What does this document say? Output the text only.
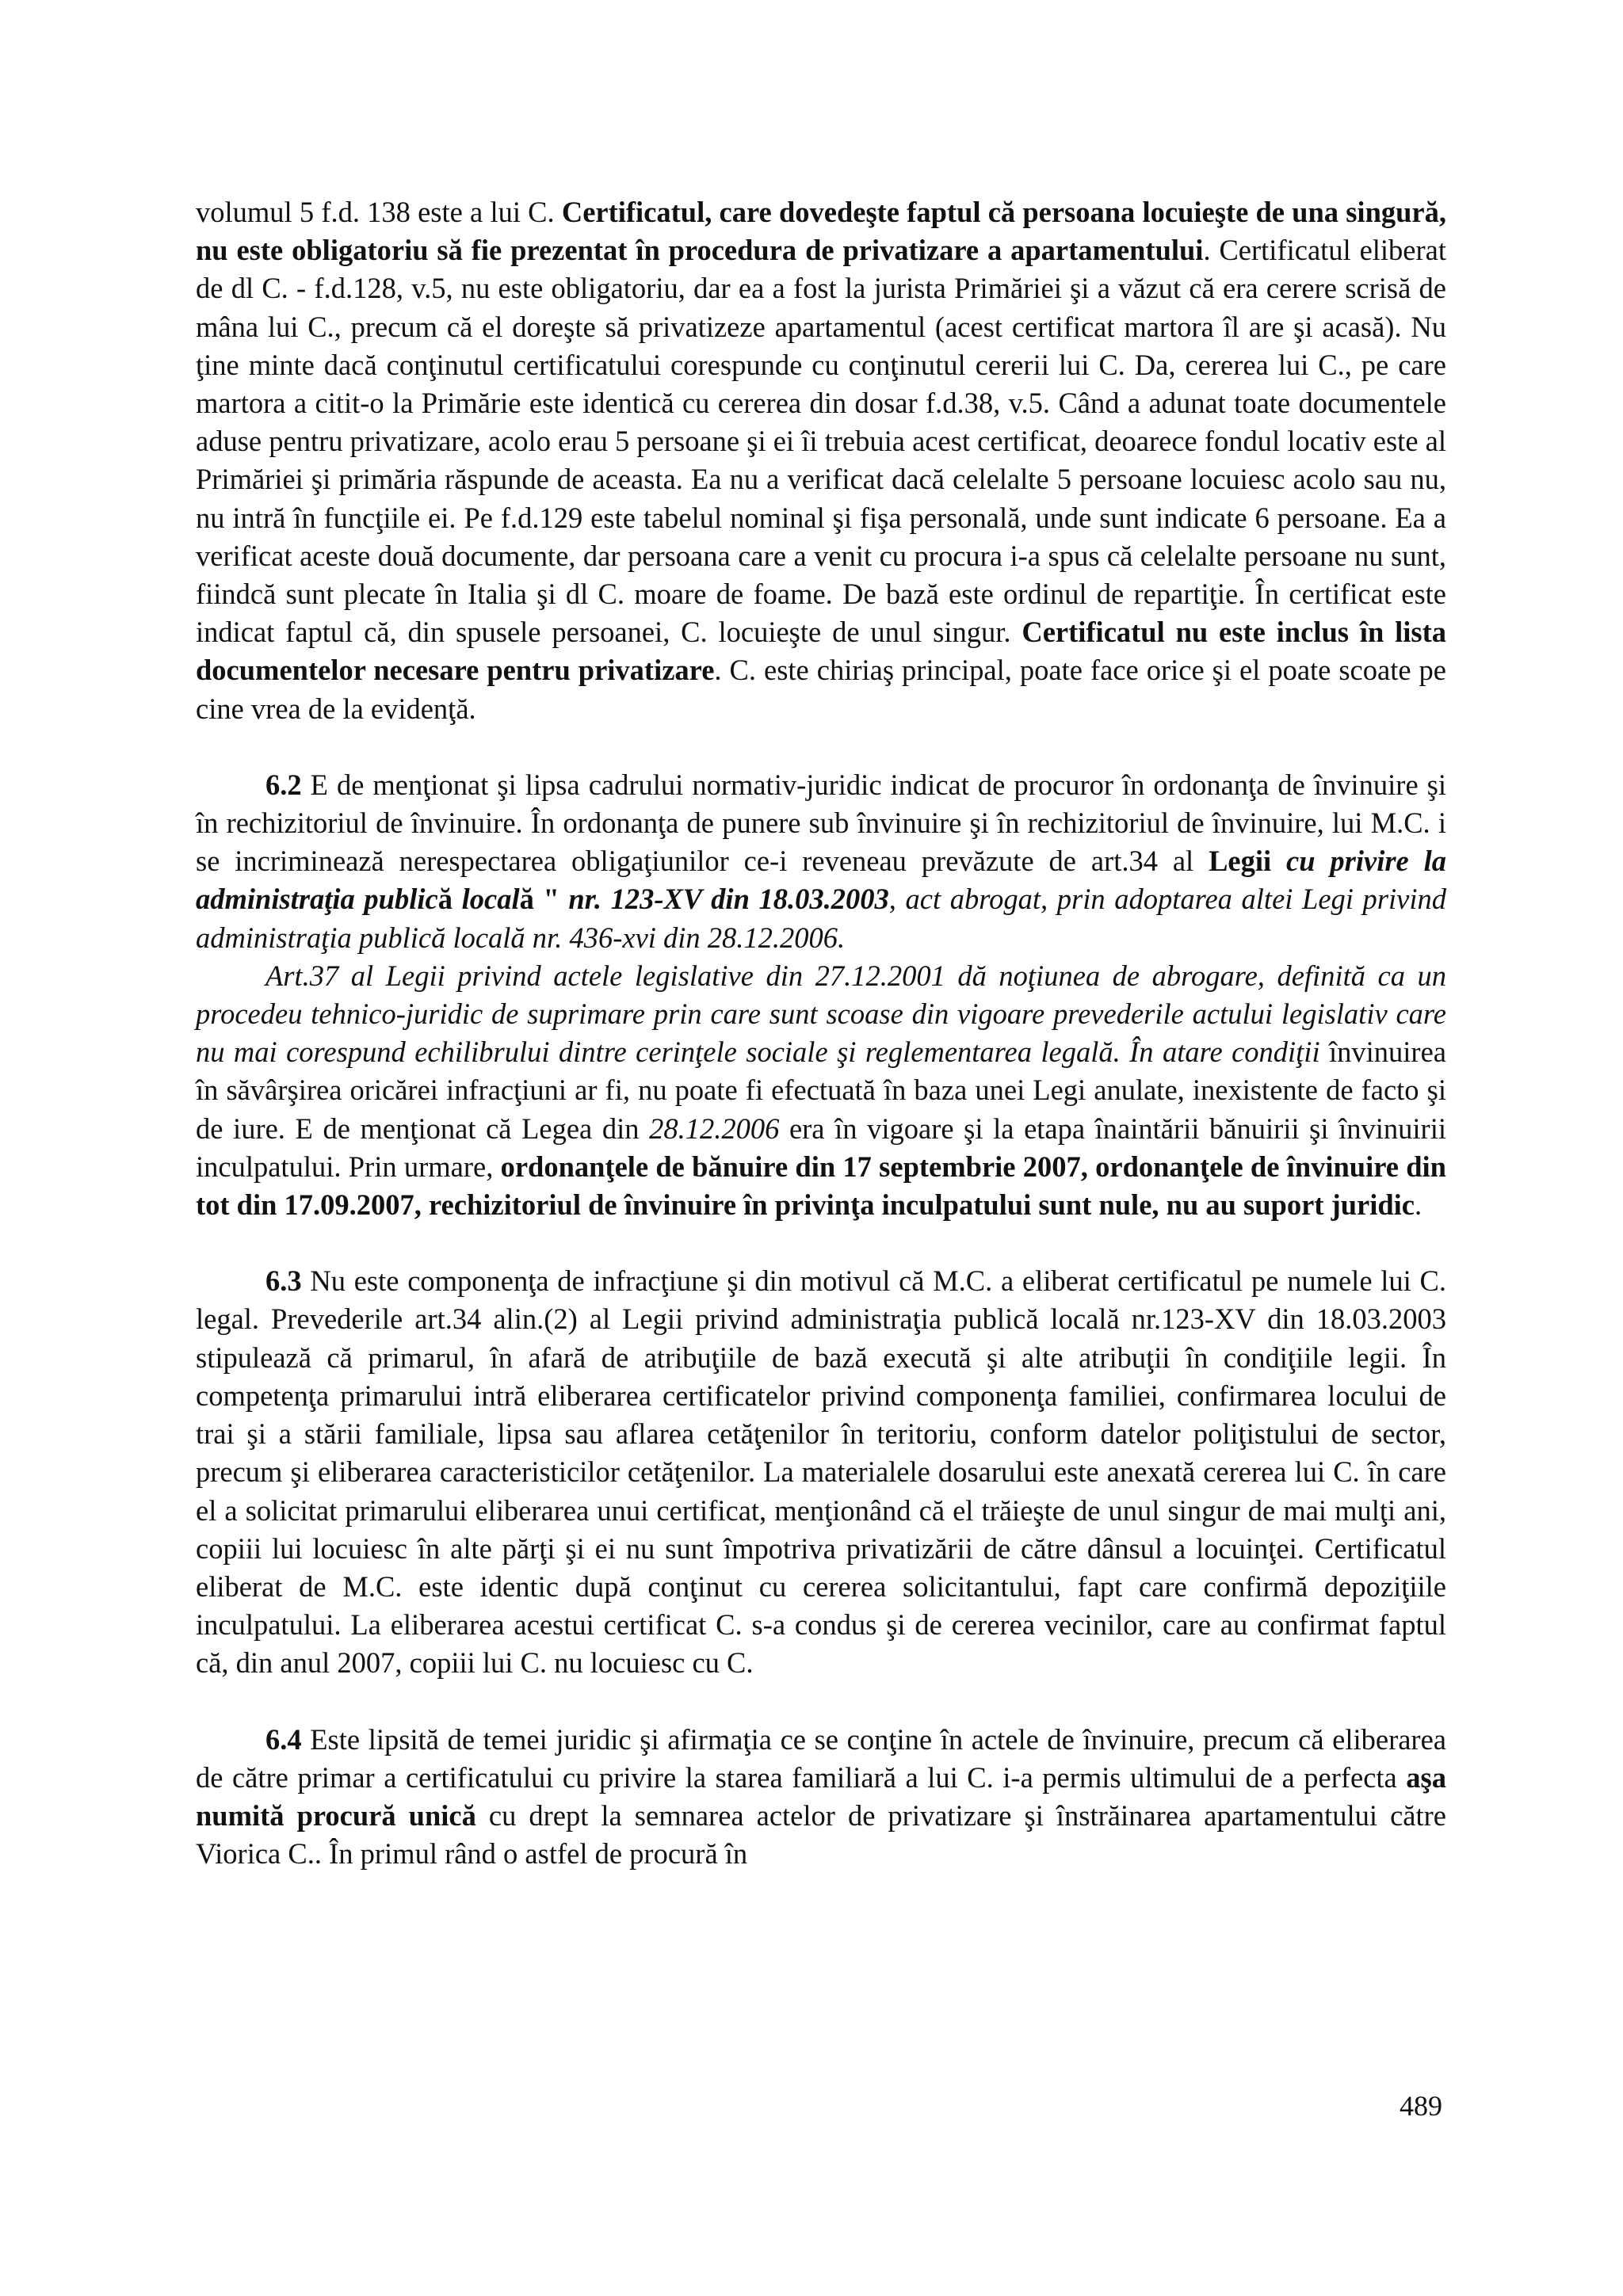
volumul 5 f.d. 138 este a lui C. Certificatul, care dovedeşte faptul că persoana locuieşte de una singură, nu este obligatoriu să fie prezentat în procedura de privatizare a apartamentului. Certificatul eliberat de dl C. - f.d.128, v.5, nu este obligatoriu, dar ea a fost la jurista Primăriei şi a văzut că era cerere scrisă de mâna lui C., precum că el doreşte să privatizeze apartamentul (acest certificat martora îl are şi acasă). Nu ţine minte dacă conţinutul certificatului corespunde cu conţinutul cererii lui C. Da, cererea lui C., pe care martora a citit-o la Primărie este identică cu cererea din dosar f.d.38, v.5. Când a adunat toate documentele aduse pentru privatizare, acolo erau 5 persoane şi ei îi trebuia acest certificat, deoarece fondul locativ este al Primăriei şi primăria răspunde de aceasta. Ea nu a verificat dacă celelalte 5 persoane locuiesc acolo sau nu, nu intră în funcţiile ei. Pe f.d.129 este tabelul nominal şi fişa personală, unde sunt indicate 6 persoane. Ea a verificat aceste două documente, dar persoana care a venit cu procura i-a spus că celelalte persoane nu sunt, fiindcă sunt plecate în Italia şi dl C. moare de foame. De bază este ordinul de repartiţie. În certificat este indicat faptul că, din spusele persoanei, C. locuieşte de unul singur. Certificatul nu este inclus în lista documentelor necesare pentru privatizare. C. este chiriaş principal, poate face orice şi el poate scoate pe cine vrea de la evidenţă.

6.2 E de menţionat şi lipsa cadrului normativ-juridic indicat de procuror în ordonanţa de învinuire şi în rechizitoriul de învinuire. În ordonanţa de punere sub învinuire şi în rechizitoriul de învinuire, lui M.C. i se incriminează nerespectarea obligaţiunilor ce-i reveneau prevăzute de art.34 al Legii cu privire la administraţia publică locală " nr. 123-XV din 18.03.2003, act abrogat, prin adoptarea altei Legi privind administraţia publică locală nr. 436-xvi din 28.12.2006.

Art.37 al Legii privind actele legislative din 27.12.2001 dă noţiunea de abrogare, definită ca un procedeu tehnico-juridic de suprimare prin care sunt scoase din vigoare prevederile actului legislativ care nu mai corespund echilibrului dintre cerinţele sociale şi reglementarea legală. În atare condiţii învinuirea în săvârşirea oricărei infracţiuni ar fi, nu poate fi efectuată în baza unei Legi anulate, inexistente de facto şi de iure. E de menţionat că Legea din 28.12.2006 era în vigoare şi la etapa înaintării bănuirii şi învinuirii inculpatului. Prin urmare, ordonanţele de bănuire din 17 septembrie 2007, ordonanţele de învinuire din tot din 17.09.2007, rechizitoriul de învinuire în privinţa inculpatului sunt nule, nu au suport juridic.

6.3 Nu este componenţa de infracţiune şi din motivul că M.C. a eliberat certificatul pe numele lui C. legal. Prevederile art.34 alin.(2) al Legii privind administraţia publică locală nr.123-XV din 18.03.2003 stipulează că primarul, în afară de atribuţiile de bază execută şi alte atribuţii în condiţiile legii. În competenţa primarului intră eliberarea certificatelor privind componenţa familiei, confirmarea locului de trai şi a stării familiale, lipsa sau aflarea cetăţenilor în teritoriu, conform datelor poliţistului de sector, precum şi eliberarea caracteristicilor cetăţenilor. La materialele dosarului este anexată cererea lui C. în care el a solicitat primarului eliberarea unui certificat, menţionând că el trăieşte de unul singur de mai mulţi ani, copiii lui locuiesc în alte părţi şi ei nu sunt împotriva privatizării de către dânsul a locuinţei. Certificatul eliberat de M.C. este identic după conţinut cu cererea solicitantului, fapt care confirmă depoziţiile inculpatului. La eliberarea acestui certificat C. s-a condus şi de cererea vecinilor, care au confirmat faptul că, din anul 2007, copiii lui C. nu locuiesc cu C.

6.4 Este lipsită de temei juridic şi afirmaţia ce se conţine în actele de învinuire, precum că eliberarea de către primar a certificatului cu privire la starea familiară a lui C. i-a permis ultimului de a perfecta aşa numită procură unică cu drept la semnarea actelor de privatizare şi înstrăinarea apartamentului către Viorica C.. În primul rând o astfel de procură în

489
